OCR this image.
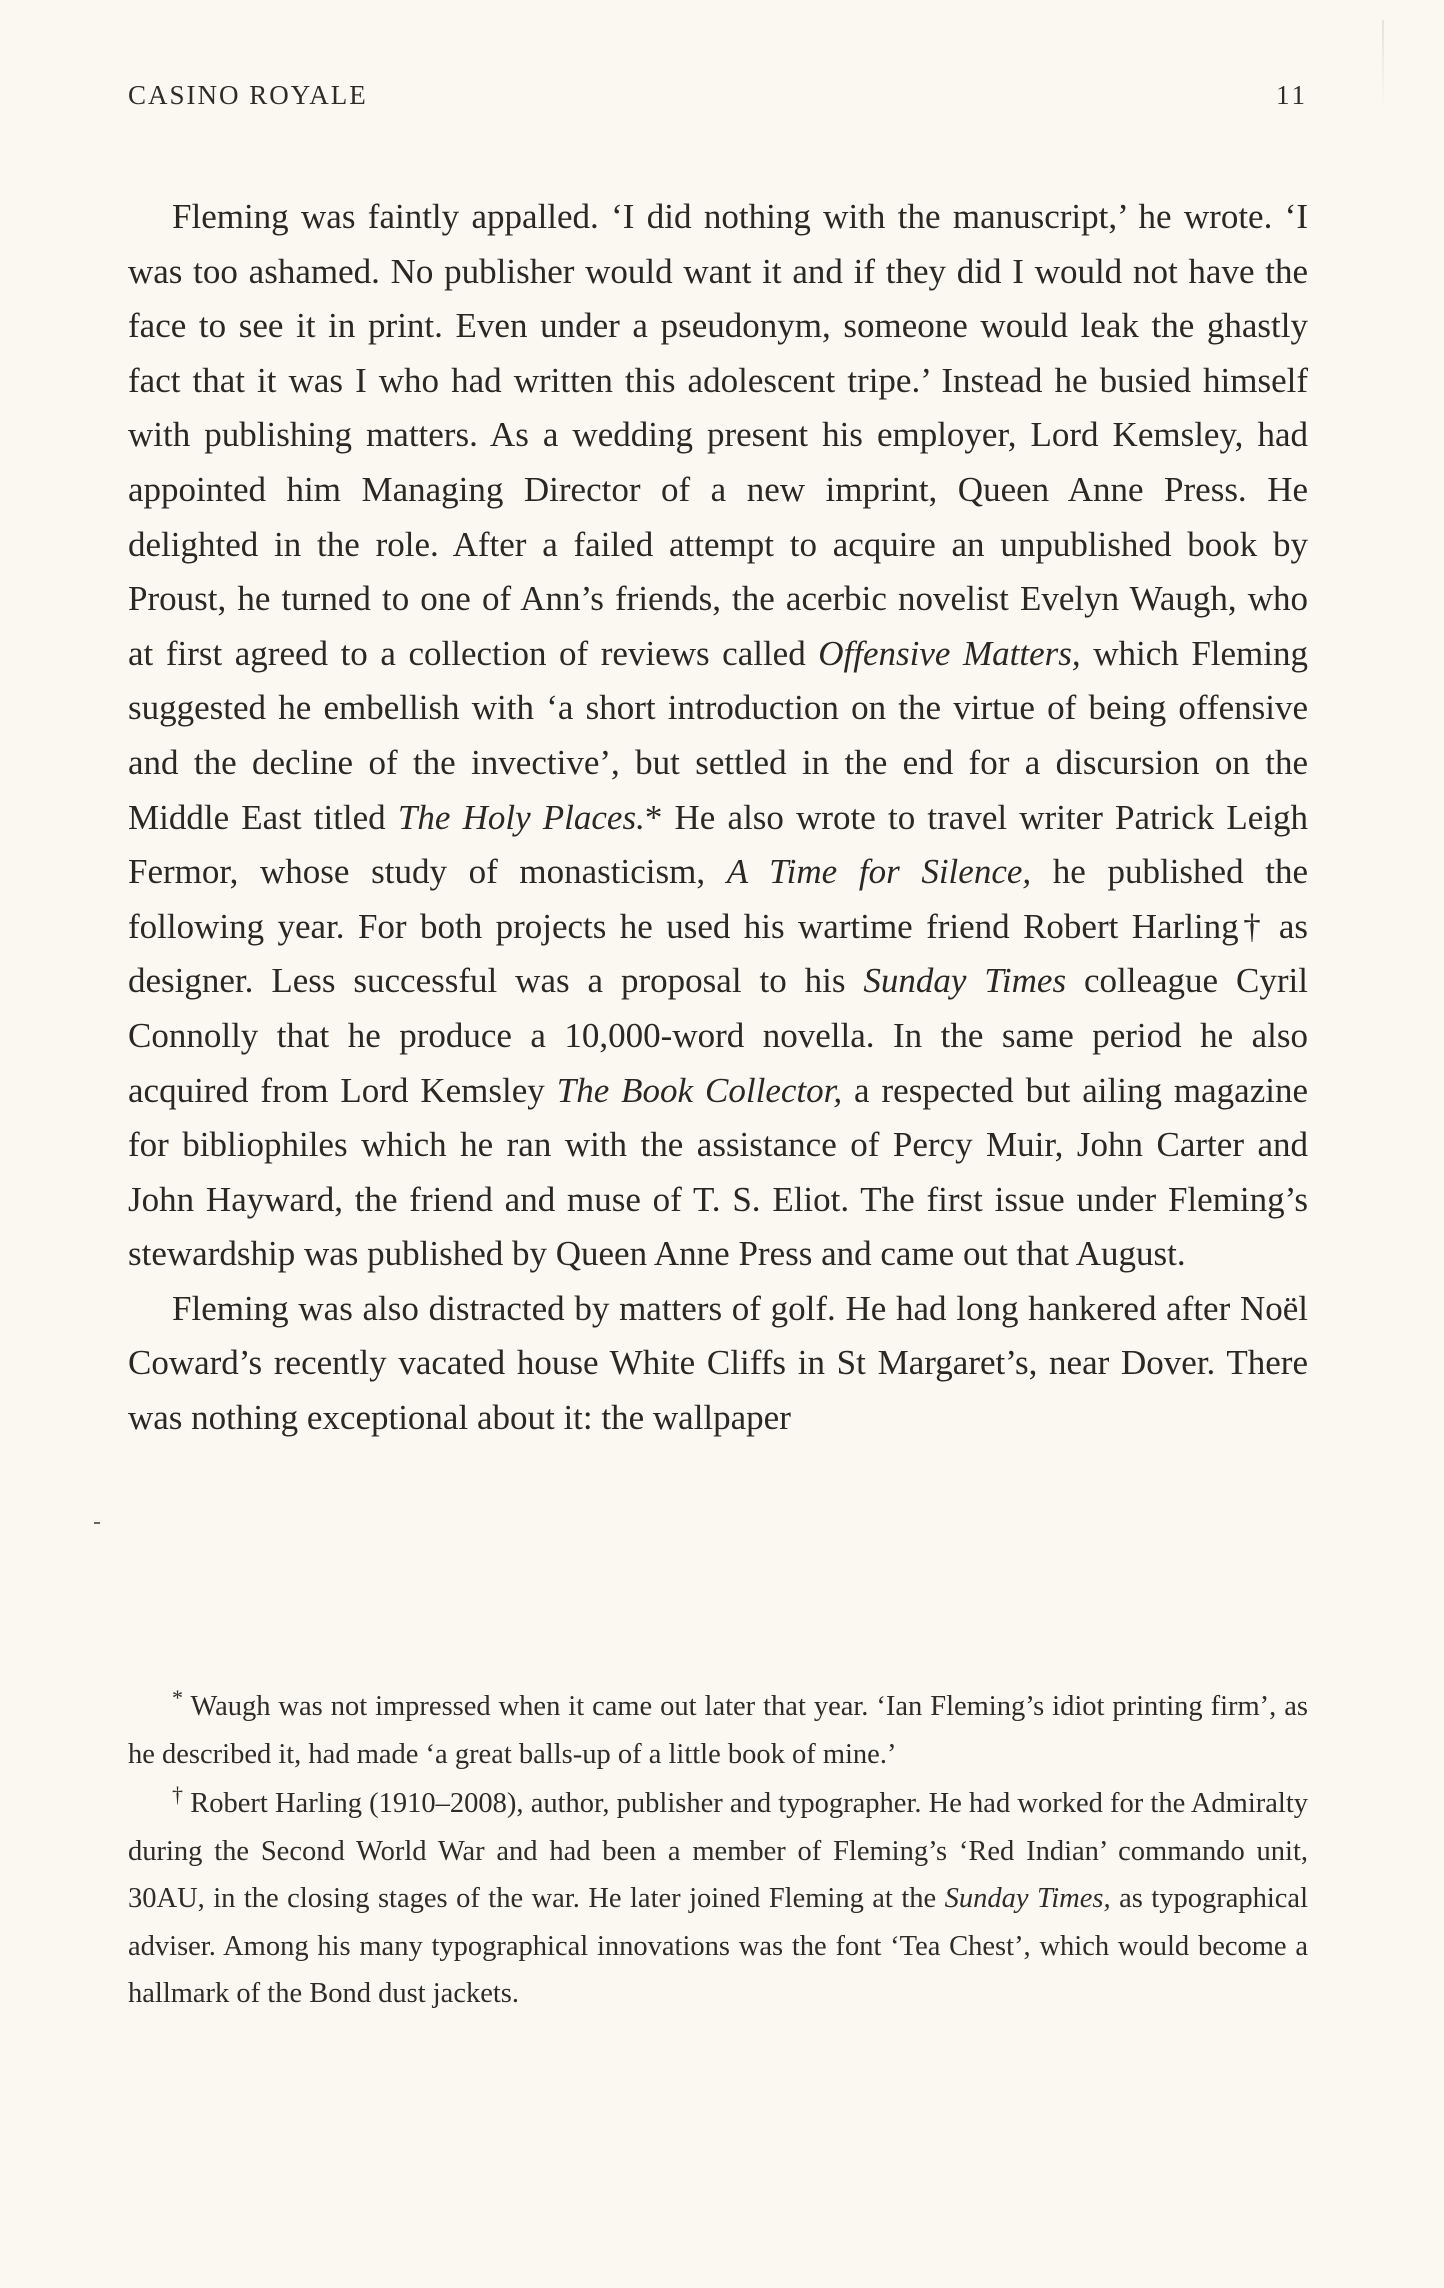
CASINO ROYALE	11

Fleming was faintly appalled. ‘I did nothing with the manuscript,’ he wrote. ‘I was too ashamed. No publisher would want it and if they did I would not have the face to see it in print. Even under a pseudonym, someone would leak the ghastly fact that it was I who had written this adolescent tripe.’ Instead he busied himself with publishing matters. As a wedding present his employer, Lord Kemsley, had appointed him Managing Director of a new imprint, Queen Anne Press. He delighted in the role. After a failed attempt to acquire an unpublished book by Proust, he turned to one of Ann’s friends, the acerbic novelist Evelyn Waugh, who at first agreed to a collection of reviews called Offensive Matters, which Fleming suggested he embellish with ‘a short introduction on the virtue of being offensive and the decline of the invective’, but settled in the end for a discursion on the Middle East titled The Holy Places.* He also wrote to travel writer Patrick Leigh Fermor, whose study of monasticism, A Time for Silence, he published the following year. For both projects he used his wartime friend Robert Harling† as designer. Less successful was a proposal to his Sunday Times colleague Cyril Connolly that he produce a 10,000-word novella. In the same period he also acquired from Lord Kemsley The Book Collector, a respected but ailing magazine for bibliophiles which he ran with the assistance of Percy Muir, John Carter and John Hayward, the friend and muse of T. S. Eliot. The first issue under Fleming’s stewardship was published by Queen Anne Press and came out that August.

Fleming was also distracted by matters of golf. He had long hankered after Noël Coward’s recently vacated house White Cliffs in St Margaret’s, near Dover. There was nothing exceptional about it: the wallpaper

* Waugh was not impressed when it came out later that year. ‘Ian Fleming’s idiot printing firm’, as he described it, had made ‘a great balls-up of a little book of mine.’

† Robert Harling (1910–2008), author, publisher and typographer. He had worked for the Admiralty during the Second World War and had been a member of Fleming’s ‘Red Indian’ commando unit, 30AU, in the closing stages of the war. He later joined Fleming at the Sunday Times, as typographical adviser. Among his many typographical innovations was the font ‘Tea Chest’, which would become a hallmark of the Bond dust jackets.
